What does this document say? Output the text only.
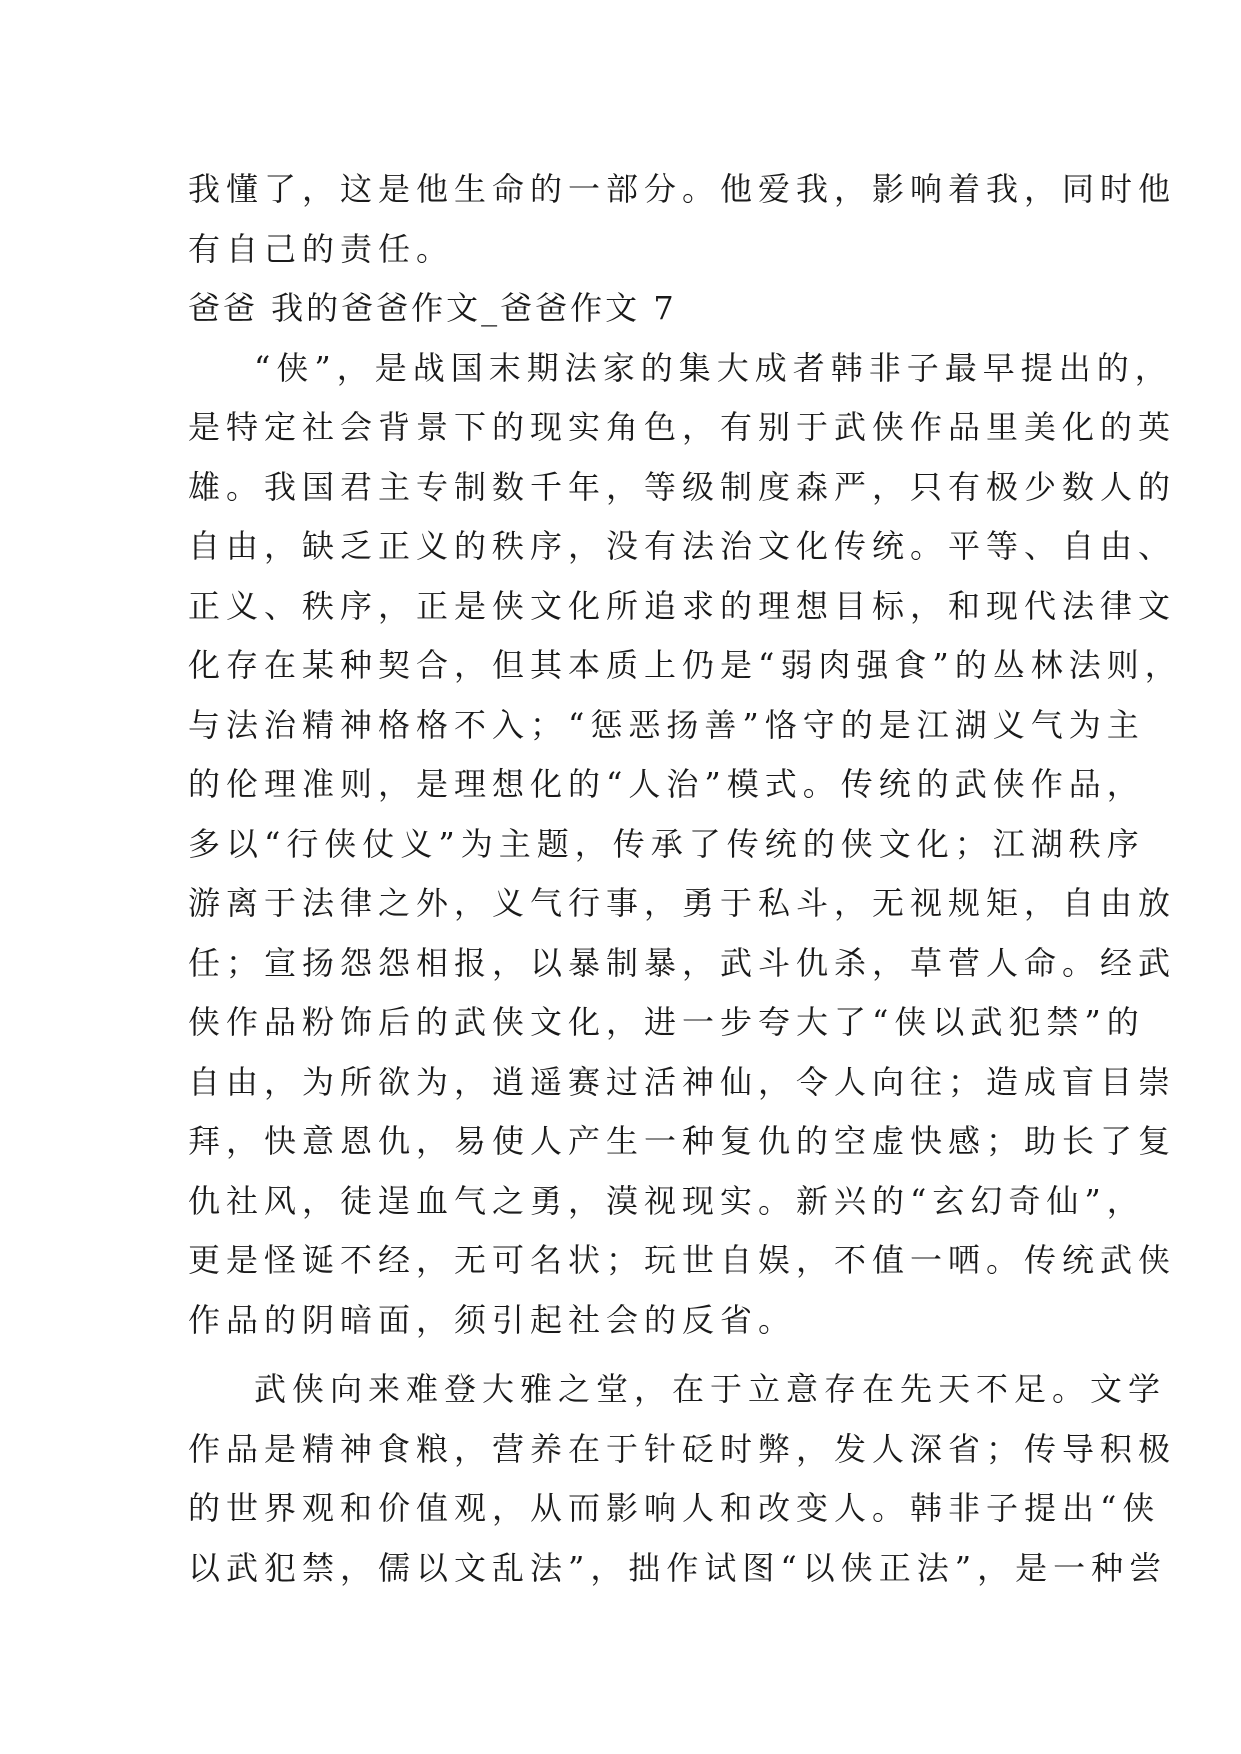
我懂了，这是他生命的一部分。他爱我，影响着我，同时他
有自己的责任。
爸爸 我的爸爸作文_爸爸作文 7
“侠”，是战国末期法家的集大成者韩非子最早提出的，
是特定社会背景下的现实角色，有别于武侠作品里美化的英
雄。我国君主专制数千年，等级制度森严，只有极少数人的
自由，缺乏正义的秩序，没有法治文化传统。平等、自由、
正义、秩序，正是侠文化所追求的理想目标，和现代法律文
化存在某种契合，但其本质上仍是“弱肉强食”的丛林法则，
与法治精神格格不入；“惩恶扬善”恪守的是江湖义气为主
的伦理准则，是理想化的“人治”模式。传统的武侠作品，
多以“行侠仗义”为主题，传承了传统的侠文化；江湖秩序
游离于法律之外，义气行事，勇于私斗，无视规矩，自由放
任；宣扬怨怨相报，以暴制暴，武斗仇杀，草菅人命。经武
侠作品粉饰后的武侠文化，进一步夸大了“侠以武犯禁”的
自由，为所欲为，逍遥赛过活神仙，令人向往；造成盲目崇
拜，快意恩仇，易使人产生一种复仇的空虚快感；助长了复
仇社风，徒逞血气之勇，漠视现实。新兴的“玄幻奇仙”，
更是怪诞不经，无可名状；玩世自娱，不值一哂。传统武侠
作品的阴暗面，须引起社会的反省。
武侠向来难登大雅之堂，在于立意存在先天不足。文学
作品是精神食粮，营养在于针砭时弊，发人深省；传导积极
的世界观和价值观，从而影响人和改变人。韩非子提出“侠
以武犯禁，儒以文乱法”，拙作试图“以侠正法”，是一种尝
